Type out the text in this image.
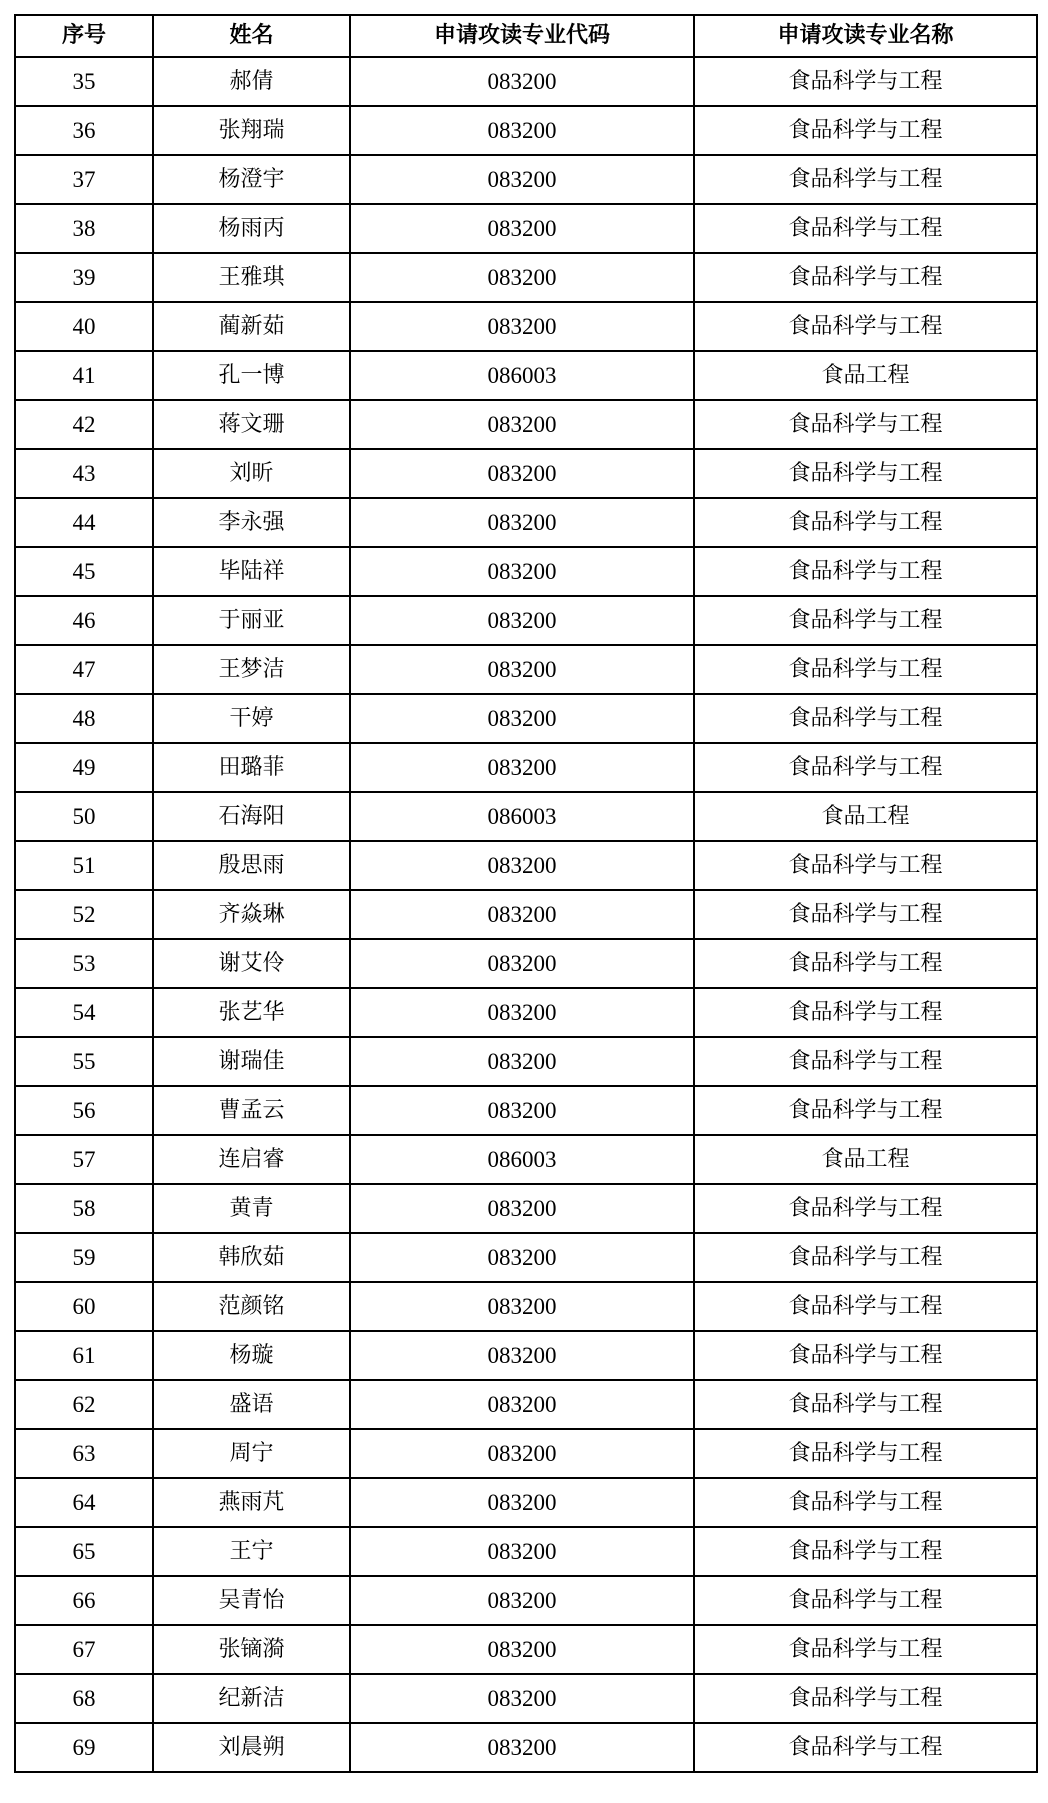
序号	姓名	申请攻读专业代码	申请攻读专业名称
35	郝倩	083200	食品科学与工程
36	张翔瑞	083200	食品科学与工程
37	杨澄宇	083200	食品科学与工程
38	杨雨丙	083200	食品科学与工程
39	王雅琪	083200	食品科学与工程
40	蔺新茹	083200	食品科学与工程
41	孔一博	086003	食品工程
42	蒋文珊	083200	食品科学与工程
43	刘昕	083200	食品科学与工程
44	李永强	083200	食品科学与工程
45	毕陆祥	083200	食品科学与工程
46	于丽亚	083200	食品科学与工程
47	王梦洁	083200	食品科学与工程
48	干婷	083200	食品科学与工程
49	田璐菲	083200	食品科学与工程
50	石海阳	086003	食品工程
51	殷思雨	083200	食品科学与工程
52	齐焱琳	083200	食品科学与工程
53	谢艾伶	083200	食品科学与工程
54	张艺华	083200	食品科学与工程
55	谢瑞佳	083200	食品科学与工程
56	曹孟云	083200	食品科学与工程
57	连启睿	086003	食品工程
58	黄青	083200	食品科学与工程
59	韩欣茹	083200	食品科学与工程
60	范颜铭	083200	食品科学与工程
61	杨璇	083200	食品科学与工程
62	盛语	083200	食品科学与工程
63	周宁	083200	食品科学与工程
64	燕雨芃	083200	食品科学与工程
65	王宁	083200	食品科学与工程
66	吴青怡	083200	食品科学与工程
67	张镝漪	083200	食品科学与工程
68	纪新洁	083200	食品科学与工程
69	刘晨朔	083200	食品科学与工程
